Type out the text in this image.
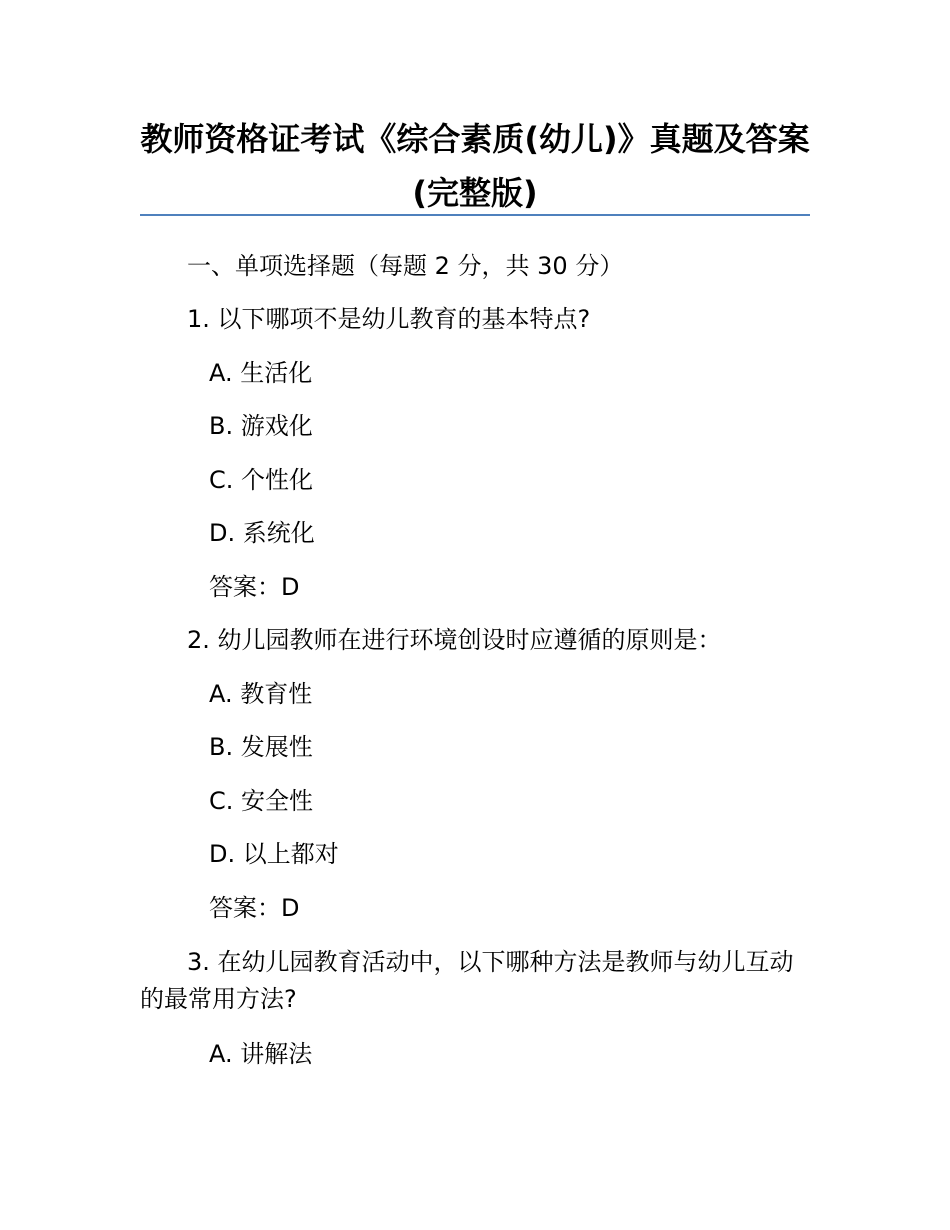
教师资格证考试《综合素质(幼儿)》真题及答案(完整版)

一、单项选择题（每题 2 分，共 30 分）

1. 以下哪项不是幼儿教育的基本特点?

A. 生活化

B. 游戏化

C. 个性化

D. 系统化

答案：D

2. 幼儿园教师在进行环境创设时应遵循的原则是：

A. 教育性

B. 发展性

C. 安全性

D. 以上都对

答案：D

3. 在幼儿园教育活动中，以下哪种方法是教师与幼儿互动的最常用方法?

A. 讲解法
